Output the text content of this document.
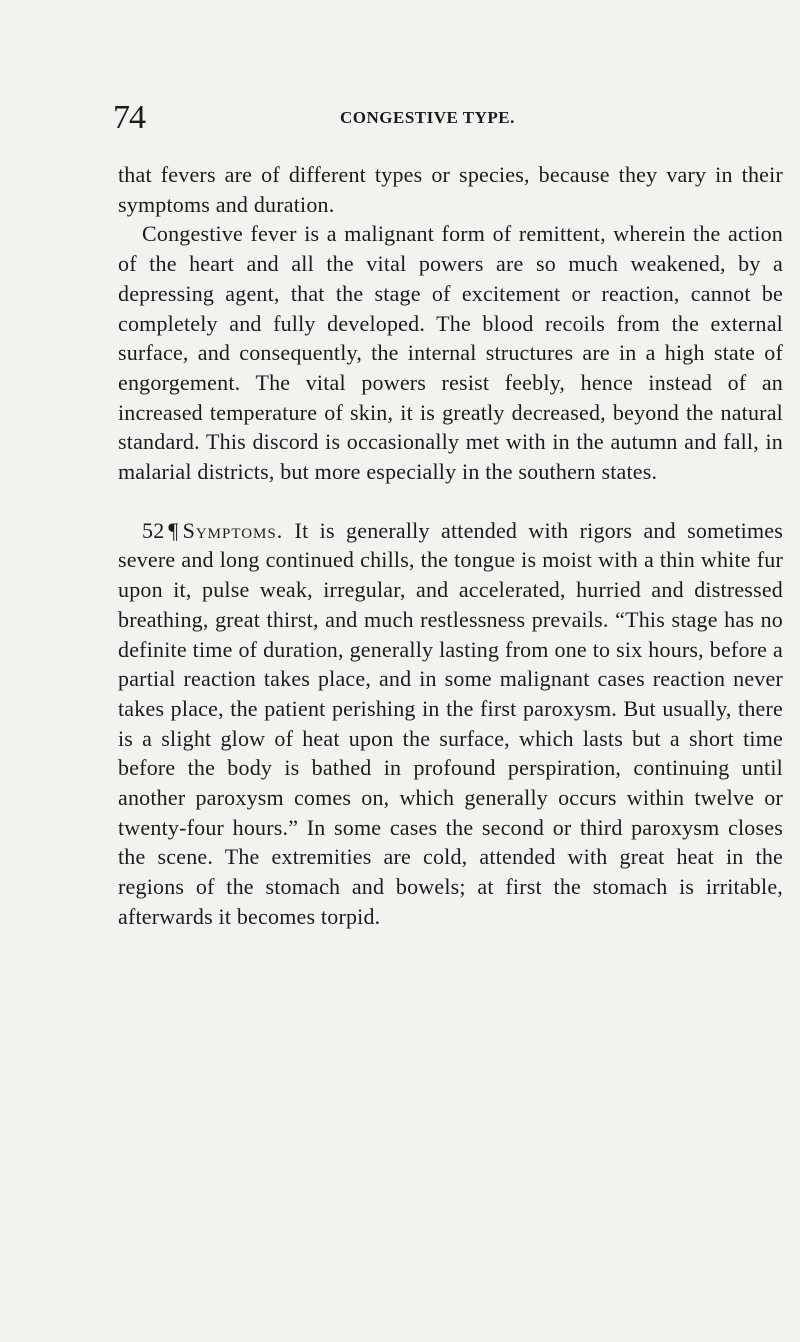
74	CONGESTIVE TYPE.

that fevers are of different types or species, because they vary in their symptoms and duration.

Congestive fever is a malignant form of remittent, wherein the action of the heart and all the vital powers are so much weakened, by a depressing agent, that the stage of excitement or reaction, cannot be completely and fully developed. The blood recoils from the external surface, and consequently, the internal structures are in a high state of engorgement. The vital powers resist feebly, hence instead of an increased temperature of skin, it is greatly decreased, beyond the natural standard. This discord is occasionally met with in the autumn and fall, in malarial districts, but more especially in the southern states.

52 ¶ Symptoms. It is generally attended with rigors and sometimes severe and long continued chills, the tongue is moist with a thin white fur upon it, pulse weak, irregular, and accelerated, hurried and distressed breathing, great thirst, and much restlessness prevails. “This stage has no definite time of duration, generally lasting from one to six hours, before a partial reaction takes place, and in some malignant cases reaction never takes place, the patient perishing in the first paroxysm. But usually, there is a slight glow of heat upon the surface, which lasts but a short time before the body is bathed in profound perspiration, continuing until another paroxysm comes on, which generally occurs within twelve or twenty-four hours.” In some cases the second or third paroxysm closes the scene. The extremities are cold, attended with great heat in the regions of the stomach and bowels; at first the stomach is irritable, afterwards it becomes torpid.
